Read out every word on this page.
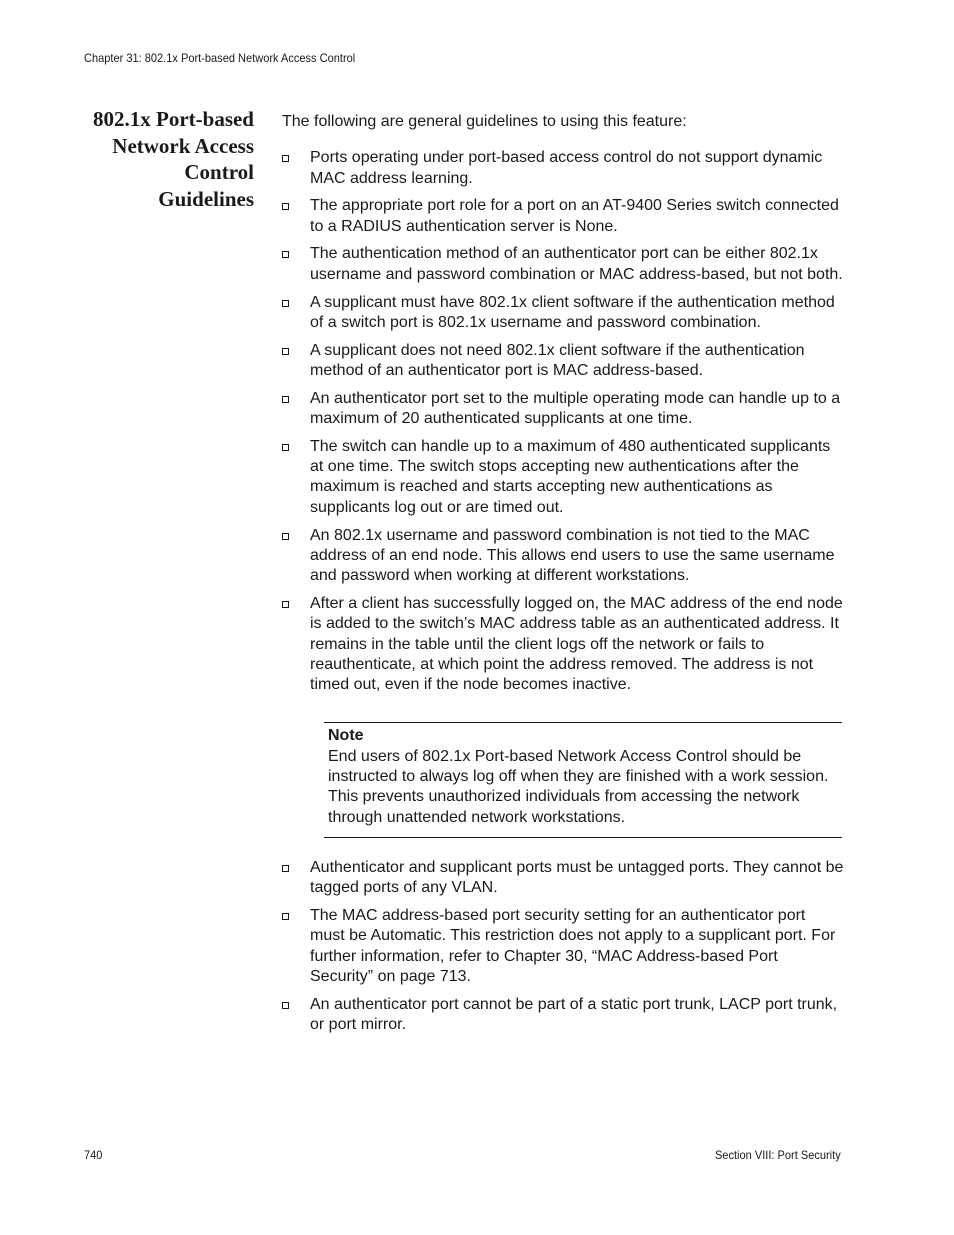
Chapter 31: 802.1x Port-based Network Access Control
802.1x Port-based
Network Access
Control
Guidelines

The following are general guidelines to using this feature:

Ports operating under port-based access control do not support dynamic MAC address learning.
The appropriate port role for a port on an AT-9400 Series switch connected to a RADIUS authentication server is None.
The authentication method of an authenticator port can be either 802.1x username and password combination or MAC address-based, but not both.
A supplicant must have 802.1x client software if the authentication method of a switch port is 802.1x username and password combination.
A supplicant does not need 802.1x client software if the authentication method of an authenticator port is MAC address-based.
An authenticator port set to the multiple operating mode can handle up to a maximum of 20 authenticated supplicants at one time.
The switch can handle up to a maximum of 480 authenticated supplicants at one time. The switch stops accepting new authentications after the maximum is reached and starts accepting new authentications as supplicants log out or are timed out.
An 802.1x username and password combination is not tied to the MAC address of an end node. This allows end users to use the same username and password when working at different workstations.
After a client has successfully logged on, the MAC address of the end node is added to the switch’s MAC address table as an authenticated address. It remains in the table until the client logs off the network or fails to reauthenticate, at which point the address removed. The address is not timed out, even if the node becomes inactive.
Note
End users of 802.1x Port-based Network Access Control should be instructed to always log off when they are finished with a work session. This prevents unauthorized individuals from accessing the network through unattended network workstations.
Authenticator and supplicant ports must be untagged ports. They cannot be tagged ports of any VLAN.
The MAC address-based port security setting for an authenticator port must be Automatic. This restriction does not apply to a supplicant port. For further information, refer to Chapter 30, “MAC Address-based Port Security” on page 713.
An authenticator port cannot be part of a static port trunk, LACP port trunk, or port mirror.
740	Section VIII: Port Security
